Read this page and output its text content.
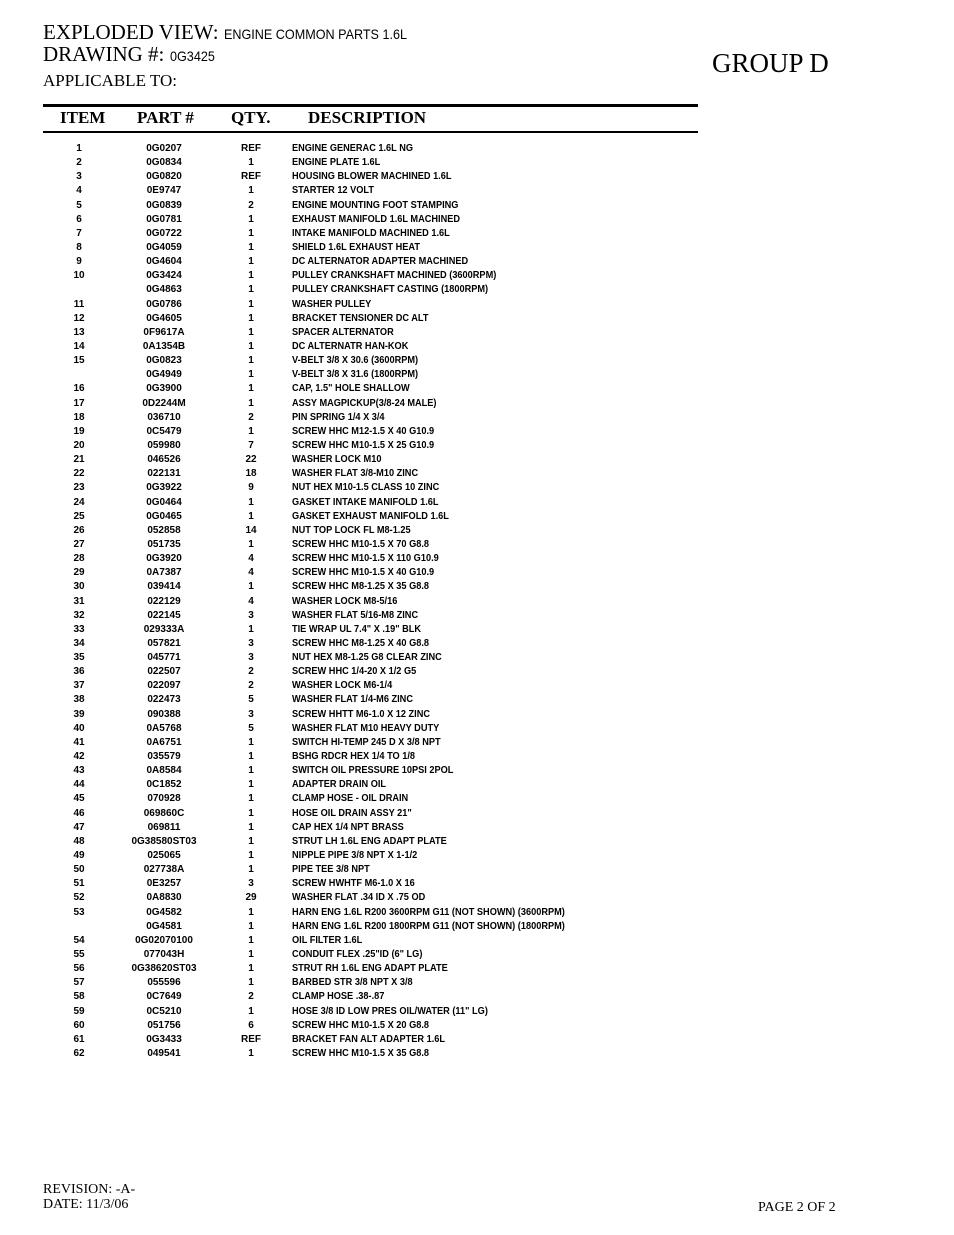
EXPLODED VIEW: ENGINE COMMON PARTS 1.6L
DRAWING #: 0G3425
APPLICABLE TO:
GROUP D
ITEM PART # QTY. DESCRIPTION
1	0G0207	REF	ENGINE GENERAC 1.6L NG
2	0G0834	1	ENGINE PLATE 1.6L
3	0G0820	REF	HOUSING BLOWER MACHINED 1.6L
4	0E9747	1	STARTER 12 VOLT
5	0G0839	2	ENGINE MOUNTING FOOT STAMPING
6	0G0781	1	EXHAUST MANIFOLD 1.6L MACHINED
7	0G0722	1	INTAKE MANIFOLD MACHINED 1.6L
8	0G4059	1	SHIELD 1.6L EXHAUST HEAT
9	0G4604	1	DC ALTERNATOR ADAPTER MACHINED
10	0G3424	1	PULLEY CRANKSHAFT MACHINED (3600RPM)
0G4863	1	PULLEY CRANKSHAFT CASTING (1800RPM)
11	0G0786	1	WASHER PULLEY
12	0G4605	1	BRACKET TENSIONER DC ALT
13	0F9617A	1	SPACER ALTERNATOR
14	0A1354B	1	DC ALTERNATR HAN-KOK
15	0G0823	1	V-BELT 3/8 X 30.6 (3600RPM)
0G4949	1	V-BELT 3/8 X 31.6 (1800RPM)
16	0G3900	1	CAP, 1.5" HOLE SHALLOW
17	0D2244M	1	ASSY MAGPICKUP(3/8-24 MALE)
18	036710	2	PIN SPRING 1/4 X 3/4
19	0C5479	1	SCREW HHC M12-1.5 X 40 G10.9
20	059980	7	SCREW HHC M10-1.5 X 25 G10.9
21	046526	22	WASHER LOCK M10
22	022131	18	WASHER FLAT 3/8-M10 ZINC
23	0G3922	9	NUT HEX M10-1.5 CLASS 10 ZINC
24	0G0464	1	GASKET INTAKE MANIFOLD 1.6L
25	0G0465	1	GASKET EXHAUST MANIFOLD 1.6L
26	052858	14	NUT TOP LOCK FL M8-1.25
27	051735	1	SCREW HHC M10-1.5 X 70 G8.8
28	0G3920	4	SCREW HHC M10-1.5 X 110 G10.9
29	0A7387	4	SCREW HHC M10-1.5 X 40 G10.9
30	039414	1	SCREW HHC M8-1.25 X 35 G8.8
31	022129	4	WASHER LOCK M8-5/16
32	022145	3	WASHER FLAT 5/16-M8 ZINC
33	029333A	1	TIE WRAP UL 7.4" X .19" BLK
34	057821	3	SCREW HHC M8-1.25 X 40 G8.8
35	045771	3	NUT HEX M8-1.25 G8 CLEAR ZINC
36	022507	2	SCREW HHC 1/4-20 X 1/2 G5
37	022097	2	WASHER LOCK M6-1/4
38	022473	5	WASHER FLAT 1/4-M6 ZINC
39	090388	3	SCREW HHTT M6-1.0 X 12 ZINC
40	0A5768	5	WASHER FLAT M10 HEAVY DUTY
41	0A6751	1	SWITCH HI-TEMP 245 D X 3/8 NPT
42	035579	1	BSHG RDCR HEX 1/4 TO 1/8
43	0A8584	1	SWITCH OIL PRESSURE 10PSI 2POL
44	0C1852	1	ADAPTER DRAIN OIL
45	070928	1	CLAMP HOSE - OIL DRAIN
46	069860C	1	HOSE OIL DRAIN ASSY 21"
47	069811	1	CAP HEX 1/4 NPT BRASS
48	0G38580ST03	1	STRUT LH 1.6L ENG ADAPT PLATE
49	025065	1	NIPPLE PIPE 3/8 NPT X 1-1/2
50	027738A	1	PIPE TEE 3/8 NPT
51	0E3257	3	SCREW HWHTF M6-1.0 X 16
52	0A8830	29	WASHER FLAT .34 ID X .75 OD
53	0G4582	1	HARN ENG 1.6L R200 3600RPM G11 (NOT SHOWN) (3600RPM)
0G4581	1	HARN ENG 1.6L R200 1800RPM G11 (NOT SHOWN) (1800RPM)
54	0G02070100	1	OIL FILTER 1.6L
55	077043H	1	CONDUIT FLEX .25"ID (6" LG)
56	0G38620ST03	1	STRUT RH 1.6L ENG ADAPT PLATE
57	055596	1	BARBED STR 3/8 NPT X 3/8
58	0C7649	2	CLAMP HOSE .38-.87
59	0C5210	1	HOSE 3/8 ID LOW PRES OIL/WATER (11" LG)
60	051756	6	SCREW HHC M10-1.5 X 20 G8.8
61	0G3433	REF	BRACKET FAN ALT ADAPTER 1.6L
62	049541	1	SCREW HHC M10-1.5 X 35 G8.8
REVISION: -A-
DATE: 11/3/06	PAGE 2 OF 2
